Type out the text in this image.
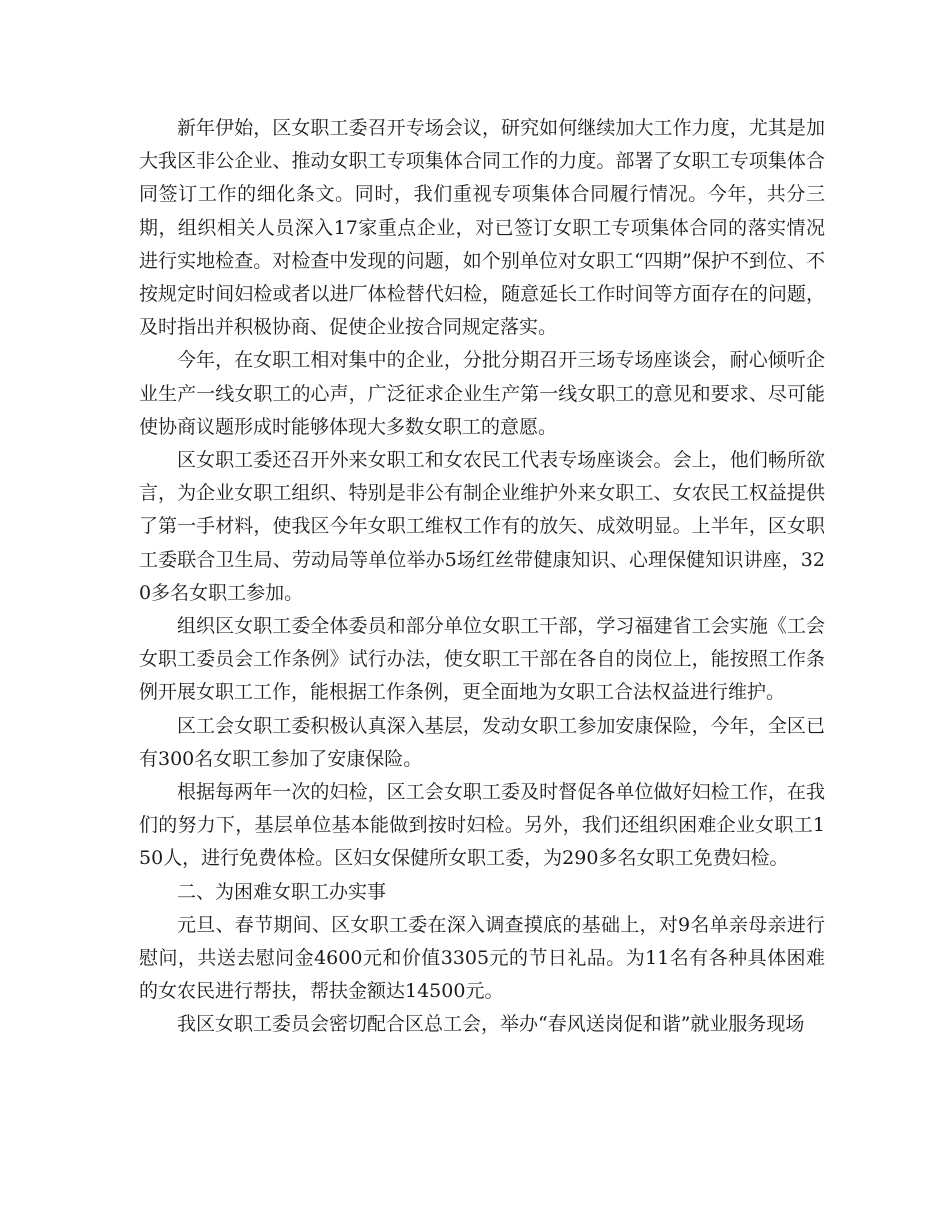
新年伊始，区女职工委召开专场会议，研究如何继续加大工作力度，尤其是加大我区非公企业、推动女职工专项集体合同工作的力度。部署了女职工专项集体合同签订工作的细化条文。同时，我们重视专项集体合同履行情况。今年，共分三期，组织相关人员深入17家重点企业，对已签订女职工专项集体合同的落实情况进行实地检查。对检查中发现的问题，如个别单位对女职工“四期”保护不到位、不按规定时间妇检或者以进厂体检替代妇检，随意延长工作时间等方面存在的问题，及时指出并积极协商、促使企业按合同规定落实。

今年，在女职工相对集中的企业，分批分期召开三场专场座谈会，耐心倾听企业生产一线女职工的心声，广泛征求企业生产第一线女职工的意见和要求、尽可能使协商议题形成时能够体现大多数女职工的意愿。

区女职工委还召开外来女职工和女农民工代表专场座谈会。会上，他们畅所欲言，为企业女职工组织、特别是非公有制企业维护外来女职工、女农民工权益提供了第一手材料，使我区今年女职工维权工作有的放矢、成效明显。上半年，区女职工委联合卫生局、劳动局等单位举办5场红丝带健康知识、心理保健知识讲座，320多名女职工参加。

组织区女职工委全体委员和部分单位女职工干部，学习福建省工会实施《工会女职工委员会工作条例》试行办法，使女职工干部在各自的岗位上，能按照工作条例开展女职工工作，能根据工作条例，更全面地为女职工合法权益进行维护。

区工会女职工委积极认真深入基层，发动女职工参加安康保险，今年，全区已有300名女职工参加了安康保险。

根据每两年一次的妇检，区工会女职工委及时督促各单位做好妇检工作，在我们的努力下，基层单位基本能做到按时妇检。另外，我们还组织困难企业女职工150人，进行免费体检。区妇女保健所女职工委，为290多名女职工免费妇检。

二、为困难女职工办实事

元旦、春节期间、区女职工委在深入调查摸底的基础上，对9名单亲母亲进行慰问，共送去慰问金4600元和价值3305元的节日礼品。为11名有各种具体困难的女农民进行帮扶，帮扶金额达14500元。

我区女职工委员会密切配合区总工会，举办“春风送岗促和谐”就业服务现场
